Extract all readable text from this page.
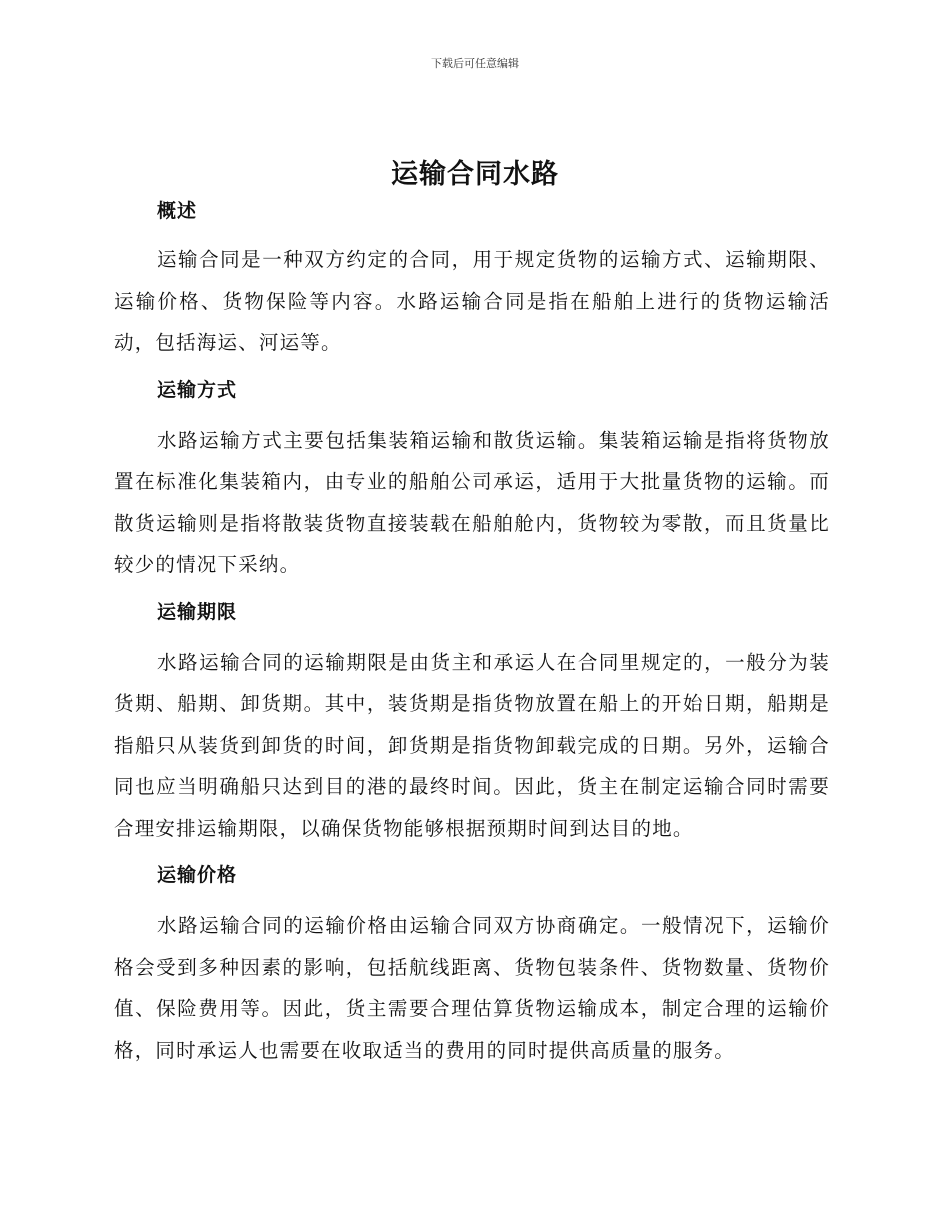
下载后可任意编辑
运输合同水路
概述

运输合同是一种双方约定的合同，用于规定货物的运输方式、运输期限、运输价格、货物保险等内容。水路运输合同是指在船舶上进行的货物运输活动，包括海运、河运等。

运输方式

水路运输方式主要包括集装箱运输和散货运输。集装箱运输是指将货物放置在标准化集装箱内，由专业的船舶公司承运，适用于大批量货物的运输。而散货运输则是指将散装货物直接装载在船舶舱内，货物较为零散，而且货量比较少的情况下采纳。

运输期限

水路运输合同的运输期限是由货主和承运人在合同里规定的，一般分为装货期、船期、卸货期。其中，装货期是指货物放置在船上的开始日期，船期是指船只从装货到卸货的时间，卸货期是指货物卸载完成的日期。另外，运输合同也应当明确船只达到目的港的最终时间。因此，货主在制定运输合同时需要合理安排运输期限，以确保货物能够根据预期时间到达目的地。

运输价格

水路运输合同的运输价格由运输合同双方协商确定。一般情况下，运输价格会受到多种因素的影响，包括航线距离、货物包装条件、货物数量、货物价值、保险费用等。因此，货主需要合理估算货物运输成本，制定合理的运输价格，同时承运人也需要在收取适当的费用的同时提供高质量的服务。
